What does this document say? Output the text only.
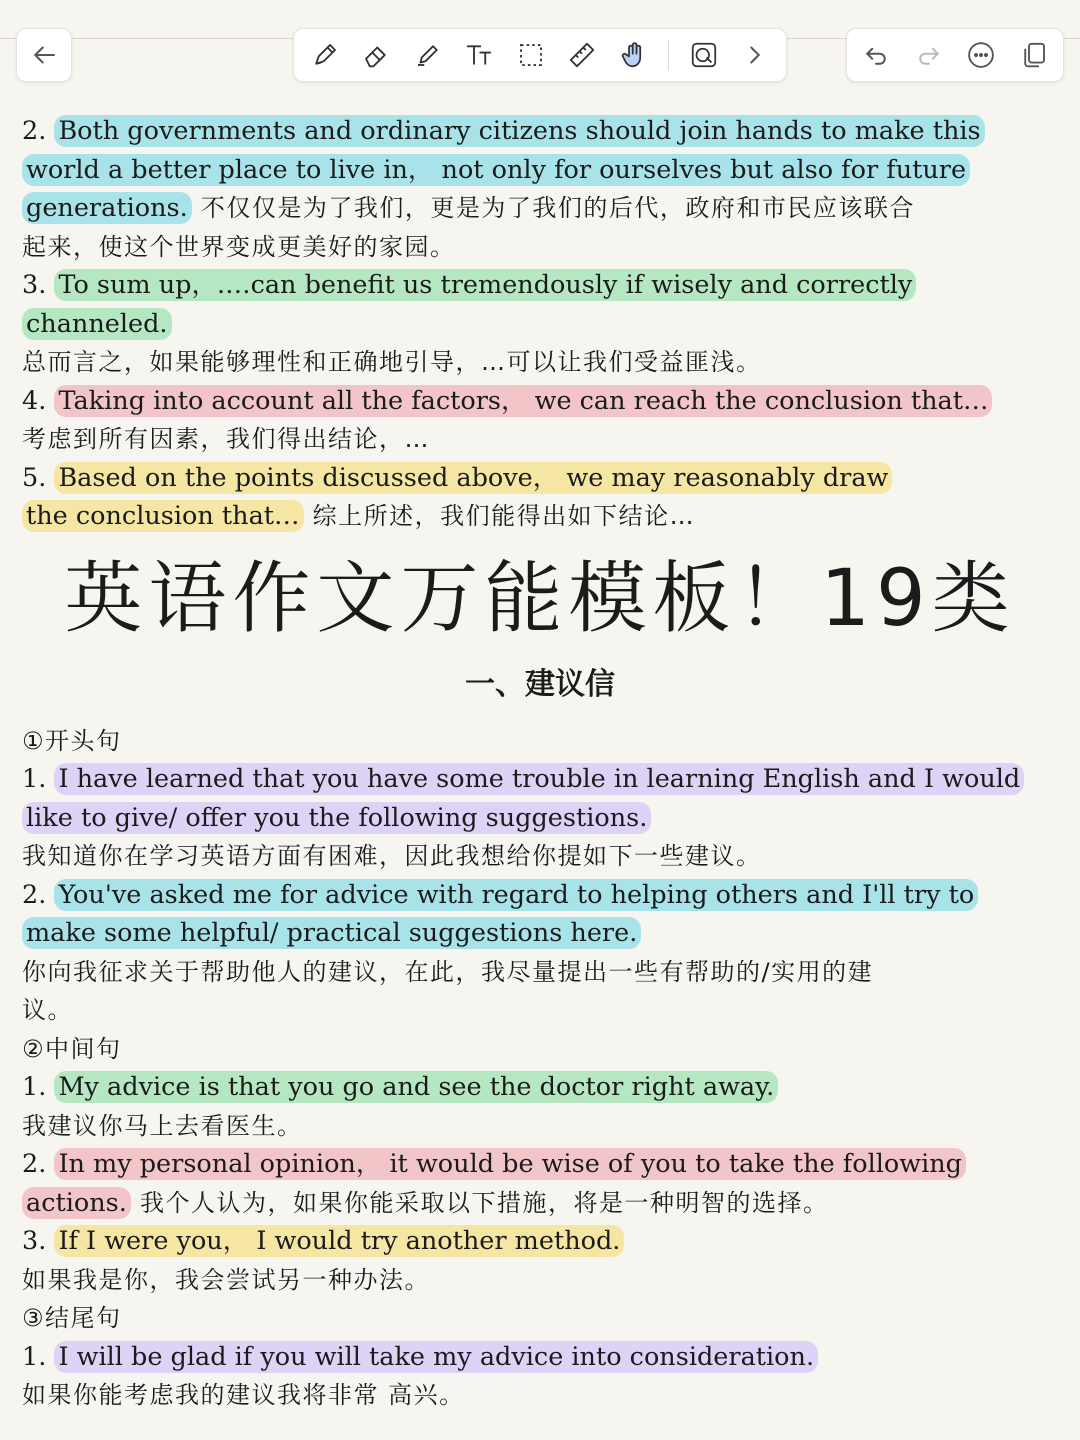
2. Both governments and ordinary citizens should join hands to make this
world a better place to live in， not only for ourselves but also for future
generations. 不仅仅是为了我们，更是为了我们的后代，政府和市民应该联合
起来，使这个世界变成更美好的家园。
3. To sum up，.…can benefit us tremendously if wisely and correctly
channeled.
总而言之，如果能够理性和正确地引导，…可以让我们受益匪浅。
4. Taking into account all the factors， we can reach the conclusion that…
考虑到所有因素，我们得出结论，…
5. Based on the points discussed above， we may reasonably draw
the conclusion that… 综上所述，我们能得出如下结论…
英语作文万能模板！19类
一、建议信
①开头句
1. I have learned that you have some trouble in learning English and I would
like to give/ offer you the following suggestions.
我知道你在学习英语方面有困难，因此我想给你提如下一些建议。
2. You've asked me for advice with regard to helping others and I'll try to
make some helpful/ practical suggestions here.
你向我征求关于帮助他人的建议，在此，我尽量提出一些有帮助的/实用的建
议。
②中间句
1. My advice is that you go and see the doctor right away.
我建议你马上去看医生。
2. In my personal opinion， it would be wise of you to take the following
actions. 我个人认为，如果你能采取以下措施，将是一种明智的选择。
3. If I were you， I would try another method.
如果我是你，我会尝试另一种办法。
③结尾句
1. I will be glad if you will take my advice into consideration.
如果你能考虑我的建议我将非常 高兴。
